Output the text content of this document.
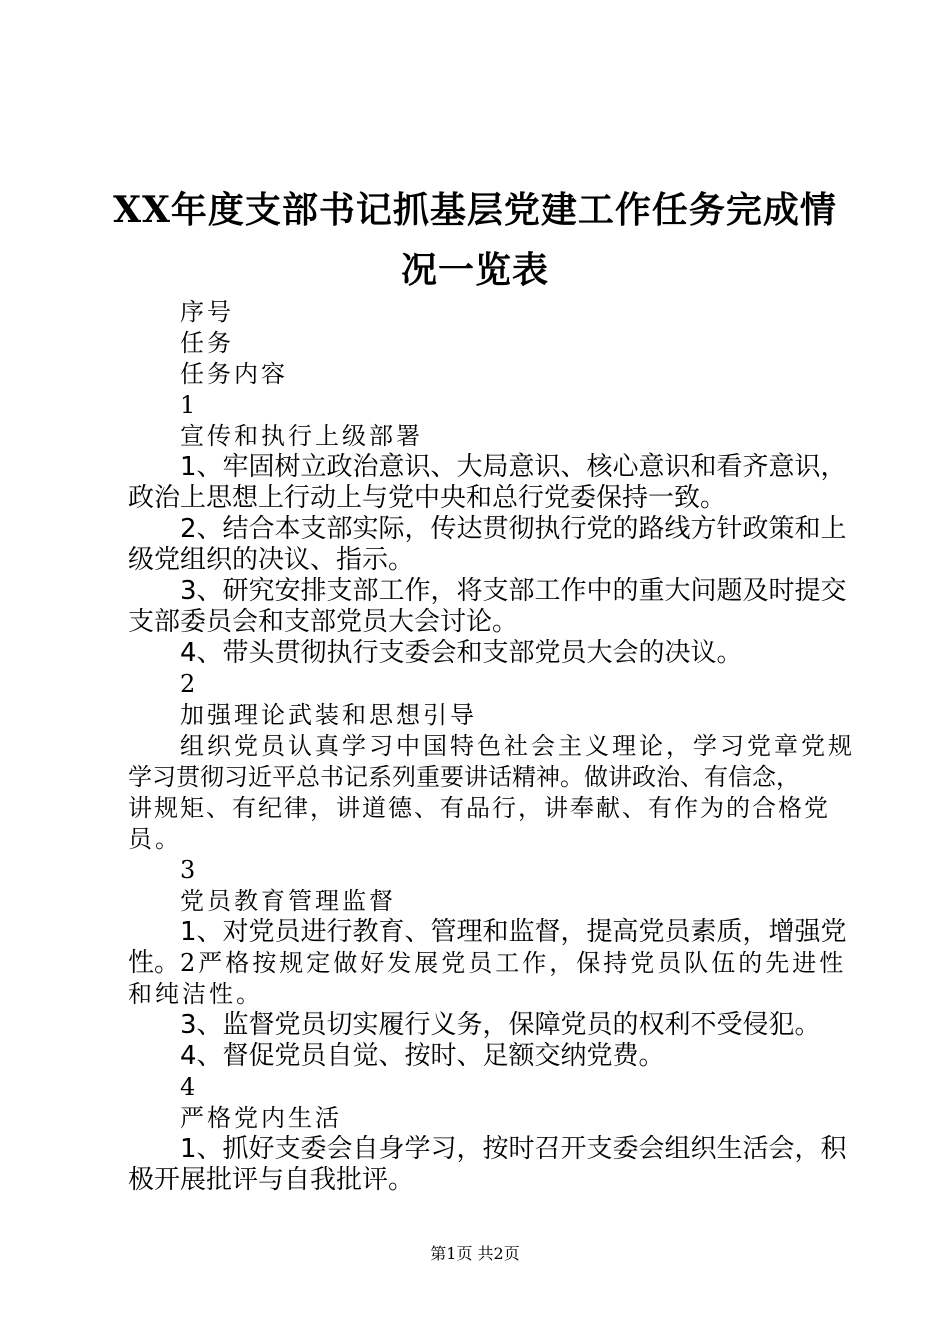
XX年度支部书记抓基层党建工作任务完成情
况一览表
序号
任务
任务内容
1
宣传和执行上级部署
1、牢固树立政治意识、大局意识、核心意识和看齐意识，
政治上思想上行动上与党中央和总行党委保持一致。
2、结合本支部实际，传达贯彻执行党的路线方针政策和上
级党组织的决议、指示。
3、研究安排支部工作，将支部工作中的重大问题及时提交
支部委员会和支部党员大会讨论。
4、带头贯彻执行支委会和支部党员大会的决议。
2
加强理论武装和思想引导
组织党员认真学习中国特色社会主义理论，学习党章党规
学习贯彻习近平总书记系列重要讲话精神。做讲政治、有信念，
讲规矩、有纪律，讲道德、有品行，讲奉献、有作为的合格党
员。
3
党员教育管理监督
1、对党员进行教育、管理和监督，提高党员素质，增强党
性。2严格按规定做好发展党员工作，保持党员队伍的先进性
和纯洁性。
3、监督党员切实履行义务，保障党员的权利不受侵犯。
4、督促党员自觉、按时、足额交纳党费。
4
严格党内生活
1、抓好支委会自身学习，按时召开支委会组织生活会，积
极开展批评与自我批评。
第1页 共2页
